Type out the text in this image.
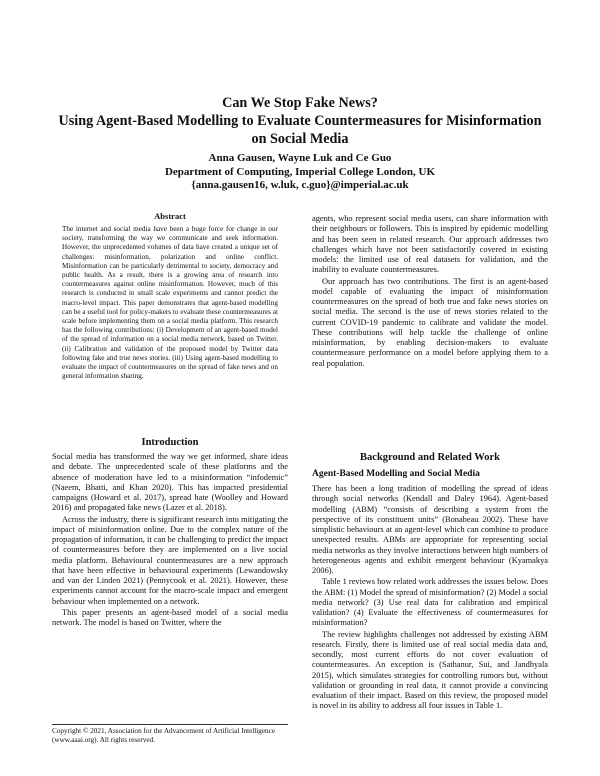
Can We Stop Fake News?
Using Agent-Based Modelling to Evaluate Countermeasures for Misinformation
on Social Media
Anna Gausen, Wayne Luk and Ce Guo
Department of Computing, Imperial College London, UK
{anna.gausen16, w.luk, c.guo}@imperial.ac.uk
Abstract
The internet and social media have been a huge force for change in our society, transforming the way we communicate and seek information. However, the unprecedented volumes of data have created a unique set of challenges: misinformation, polarization and online conflict. Misinformation can be particularly detrimental to society, democracy and public health. As a result, there is a growing area of research into countermeasures against online misinformation. However, much of this research is conducted in small scale experiments and cannot predict the macro-level impact. This paper demonstrates that agent-based modelling can be a useful tool for policy-makers to evaluate these countermeasures at scale before implementing them on a social media platform. This research has the following contributions: (i) Development of an agent-based model of the spread of information on a social media network, based on Twitter. (ii) Calibration and validation of the proposed model by Twitter data following fake and true news stories. (iii) Using agent-based modelling to evaluate the impact of countermeasures on the spread of fake news and on general information sharing.

Introduction

Social media has transformed the way we get informed, share ideas and debate. The unprecedented scale of these platforms and the absence of moderation have led to a misinformation “infodemic” (Naeem, Bhatti, and Khan 2020). This has impacted presidential campaigns (Howard et al. 2017), spread hate (Woolley and Howard 2016) and propagated fake news (Lazer et al. 2018).

Across the industry, there is significant research into mitigating the impact of misinformation online. Due to the complex nature of the propagation of information, it can be challenging to predict the impact of countermeasures before they are implemented on a live social media platform. Behavioural countermeasures are a new approach that have been effective in behavioural experiments (Lewandowsky and van der Linden 2021) (Pennycook et al. 2021). However, these experiments cannot account for the macro-scale impact and emergent behaviour when implemented on a network.

This paper presents an agent-based model of a social media network. The model is based on Twitter, where the

Copyright © 2021, Association for the Advancement of Artificial Intelligence (www.aaai.org). All rights reserved.

agents, who represent social media users, can share information with their neighbours or followers. This is inspired by epidemic modelling and has been seen in related research. Our approach addresses two challenges which have not been satisfactorily covered in existing models: the limited use of real datasets for validation, and the inability to evaluate countermeasures.

Our approach has two contributions. The first is an agent-based model capable of evaluating the impact of misinformation countermeasures on the spread of both true and fake news stories on social media. The second is the use of news stories related to the current COVID-19 pandemic to calibrate and validate the model. These contributions will help tackle the challenge of online misinformation, by enabling decision-makers to evaluate countermeasure performance on a model before applying them to a real population.

Background and Related Work

Agent-Based Modelling and Social Media

There has been a long tradition of modelling the spread of ideas through social networks (Kendall and Daley 1964). Agent-based modelling (ABM) “consists of describing a system from the perspective of its constituent units” (Bonabeau 2002). These have simplistic behaviours at an agent-level which can combine to produce unexpected results. ABMs are appropriate for representing social media networks as they involve interactions between high numbers of heterogeneous agents and exhibit emergent behaviour (Kyamakya 2006).

Table 1 reviews how related work addresses the issues below. Does the ABM: (1) Model the spread of misinformation? (2) Model a social media network? (3) Use real data for calibration and empirical validation? (4) Evaluate the effectiveness of countermeasures for misinformation?

The review highlights challenges not addressed by existing ABM research. Firstly, there is limited use of real social media data and, secondly, most current efforts do not cover evaluation of countermeasures. An exception is (Sathanur, Sui, and Jandhyala 2015), which simulates strategies for controlling rumors but, without validation or grounding in real data, it cannot provide a convincing evaluation of their impact. Based on this review, the proposed model is novel in its ability to address all four issues in Table 1.
